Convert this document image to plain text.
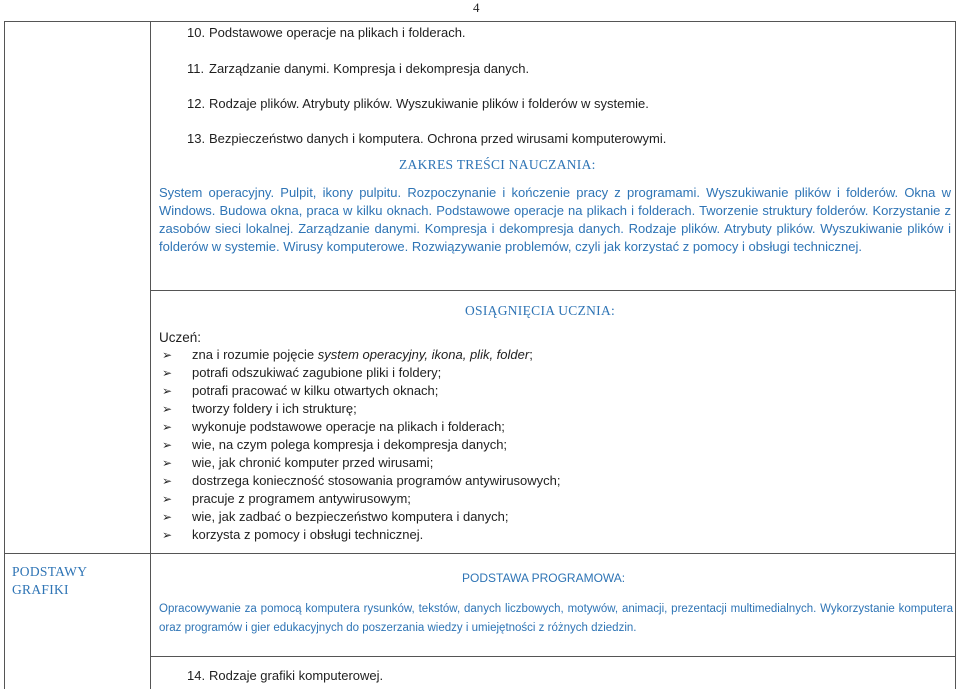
4
10. Podstawowe operacje na plikach i folderach.
11. Zarządzanie danymi. Kompresja i dekompresja danych.
12. Rodzaje plików. Atrybuty plików. Wyszukiwanie plików i folderów w systemie.
13. Bezpieczeństwo danych i komputera. Ochrona przed wirusami komputerowymi.
ZAKRES TREŚCI NAUCZANIA:
System operacyjny. Pulpit, ikony pulpitu. Rozpoczynanie i kończenie pracy z programami. Wyszukiwanie plików i folderów. Okna w Windows. Budowa okna, praca w kilku oknach. Podstawowe operacje na plikach i folderach. Tworzenie struktury folderów. Korzystanie z zasobów sieci lokalnej. Zarządzanie danymi. Kompresja i dekompresja danych. Rodzaje plików. Atrybuty plików. Wyszukiwanie plików i folderów w systemie. Wirusy komputerowe. Rozwiązywanie problemów, czyli jak korzystać z pomocy i obsługi technicznej.
OSIĄGNIĘCIA UCZNIA:
Uczeń:
➢ zna i rozumie pojęcie system operacyjny, ikona, plik, folder;
➢ potrafi odszukiwać zagubione pliki i foldery;
➢ potrafi pracować w kilku otwartych oknach;
➢ tworzy foldery i ich strukturę;
➢ wykonuje podstawowe operacje na plikach i folderach;
➢ wie, na czym polega kompresja i dekompresja danych;
➢ wie, jak chronić komputer przed wirusami;
➢ dostrzega konieczność stosowania programów antywirusowych;
➢ pracuje z programem antywirusowym;
➢ wie, jak zadbać o bezpieczeństwo komputera i danych;
➢ korzysta z pomocy i obsługi technicznej.
PODSTAWY
GRAFIKI
PODSTAWA PROGRAMOWA:
Opracowywanie za pomocą komputera rysunków, tekstów, danych liczbowych, motywów, animacji, prezentacji multimedialnych. Wykorzystanie komputera oraz programów i gier edukacyjnych do poszerzania wiedzy i umiejętności z różnych dziedzin.
14. Rodzaje grafiki komputerowej.
